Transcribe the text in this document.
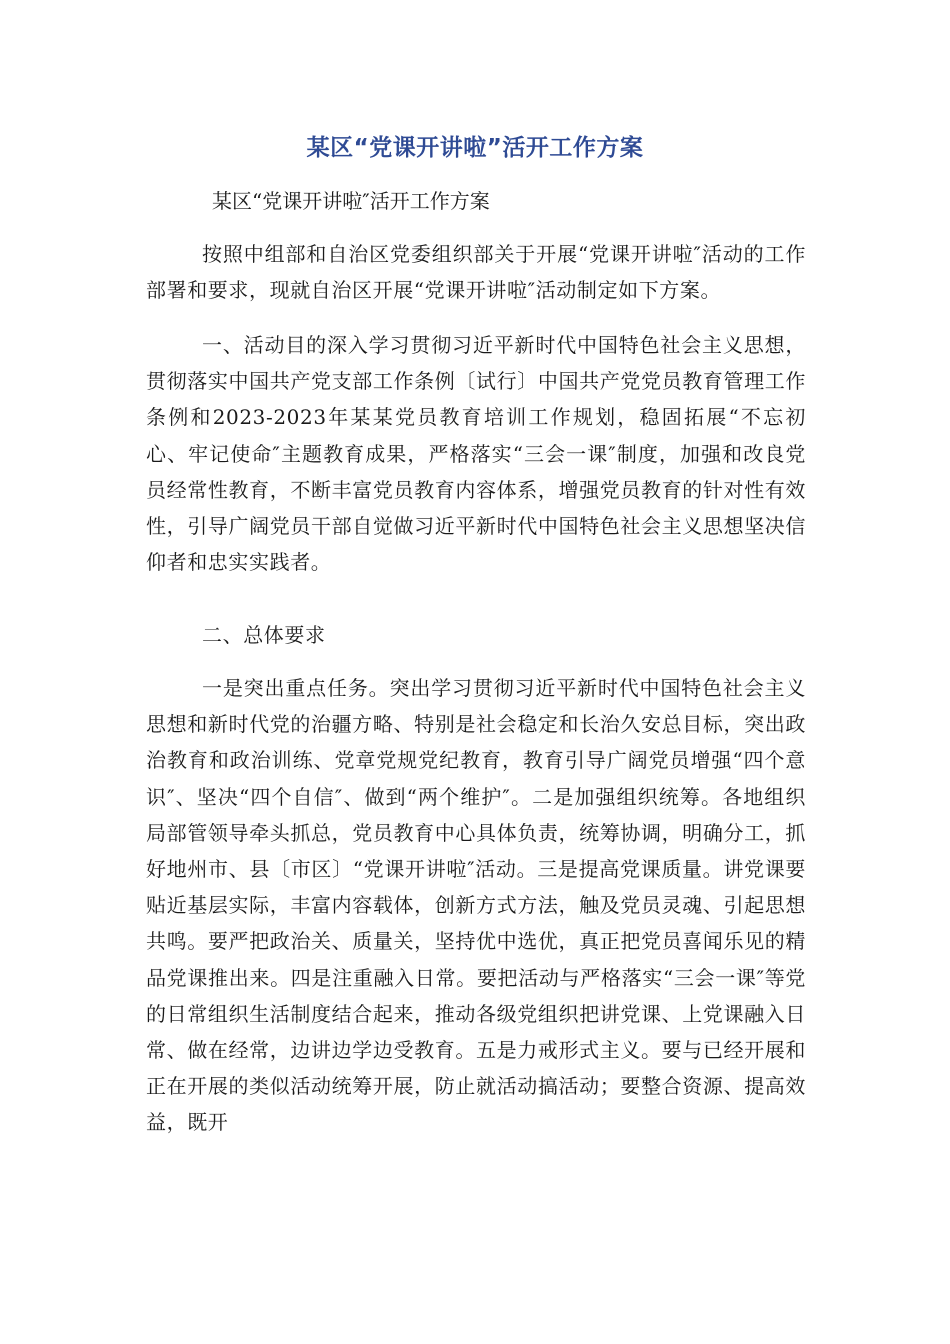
某区“党课开讲啦”活开工作方案
某区“党课开讲啦″活开工作方案

按照中组部和自治区党委组织部关于开展“党课开讲啦″活动的工作部署和要求，现就自治区开展“党课开讲啦″活动制定如下方案。

一、活动目的深入学习贯彻习近平新时代中国特色社会主义思想，贯彻落实中国共产党支部工作条例〔试行〕中国共产党党员教育管理工作条例和2023-2023年某某党员教育培训工作规划，稳固拓展“不忘初心、牢记使命″主题教育成果，严格落实“三会一课″制度，加强和改良党员经常性教育，不断丰富党员教育内容体系，增强党员教育的针对性有效性，引导广阔党员干部自觉做习近平新时代中国特色社会主义思想坚决信仰者和忠实实践者。

二、总体要求

一是突出重点任务。突出学习贯彻习近平新时代中国特色社会主义思想和新时代党的治疆方略、特别是社会稳定和长治久安总目标，突出政治教育和政治训练、党章党规党纪教育，教育引导广阔党员增强“四个意识″、坚决“四个自信″、做到“两个维护″。二是加强组织统筹。各地组织局部管领导牵头抓总，党员教育中心具体负责，统筹协调，明确分工，抓好地州市、县〔市区〕“党课开讲啦″活动。三是提高党课质量。讲党课要贴近基层实际，丰富内容载体，创新方式方法，触及党员灵魂、引起思想共鸣。要严把政治关、质量关，坚持优中选优，真正把党员喜闻乐见的精品党课推出来。四是注重融入日常。要把活动与严格落实“三会一课″等党的日常组织生活制度结合起来，推动各级党组织把讲党课、上党课融入日常、做在经常，边讲边学边受教育。五是力戒形式主义。要与已经开展和正在开展的类似活动统筹开展，防止就活动搞活动；要整合资源、提高效益，既开
